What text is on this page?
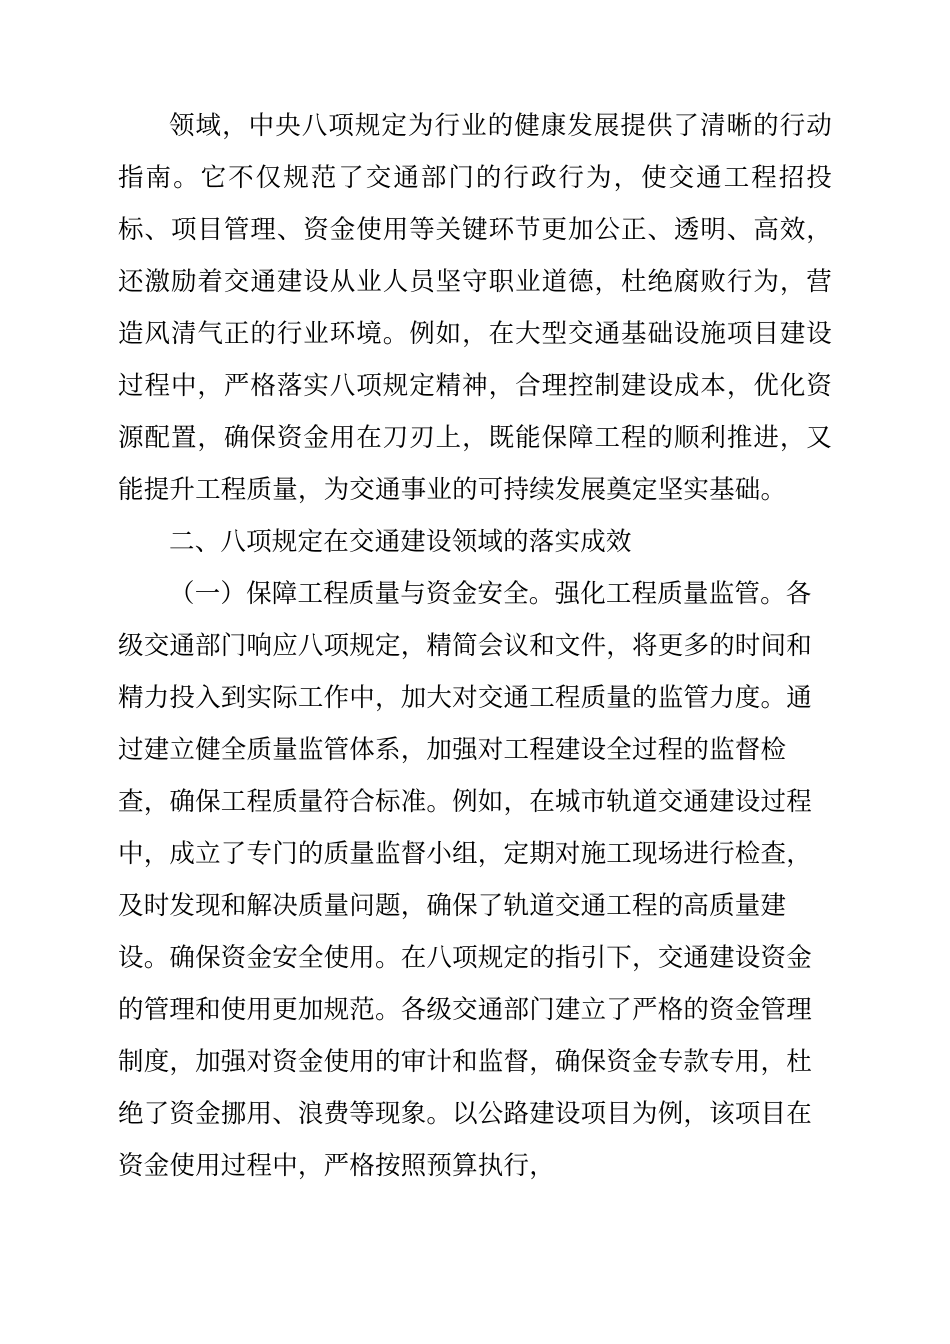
领域，中央八项规定为行业的健康发展提供了清晰的行动指南。它不仅规范了交通部门的行政行为，使交通工程招投标、项目管理、资金使用等关键环节更加公正、透明、高效，还激励着交通建设从业人员坚守职业道德，杜绝腐败行为，营造风清气正的行业环境。例如，在大型交通基础设施项目建设过程中，严格落实八项规定精神，合理控制建设成本，优化资源配置，确保资金用在刀刃上，既能保障工程的顺利推进，又能提升工程质量，为交通事业的可持续发展奠定坚实基础。

二、八项规定在交通建设领域的落实成效

（一）保障工程质量与资金安全。强化工程质量监管。各级交通部门响应八项规定，精简会议和文件，将更多的时间和精力投入到实际工作中，加大对交通工程质量的监管力度。通过建立健全质量监管体系，加强对工程建设全过程的监督检查，确保工程质量符合标准。例如，在城市轨道交通建设过程中，成立了专门的质量监督小组，定期对施工现场进行检查，及时发现和解决质量问题，确保了轨道交通工程的高质量建设。确保资金安全使用。在八项规定的指引下，交通建设资金的管理和使用更加规范。各级交通部门建立了严格的资金管理制度，加强对资金使用的审计和监督，确保资金专款专用，杜绝了资金挪用、浪费等现象。以公路建设项目为例，该项目在资金使用过程中，严格按照预算执行，
